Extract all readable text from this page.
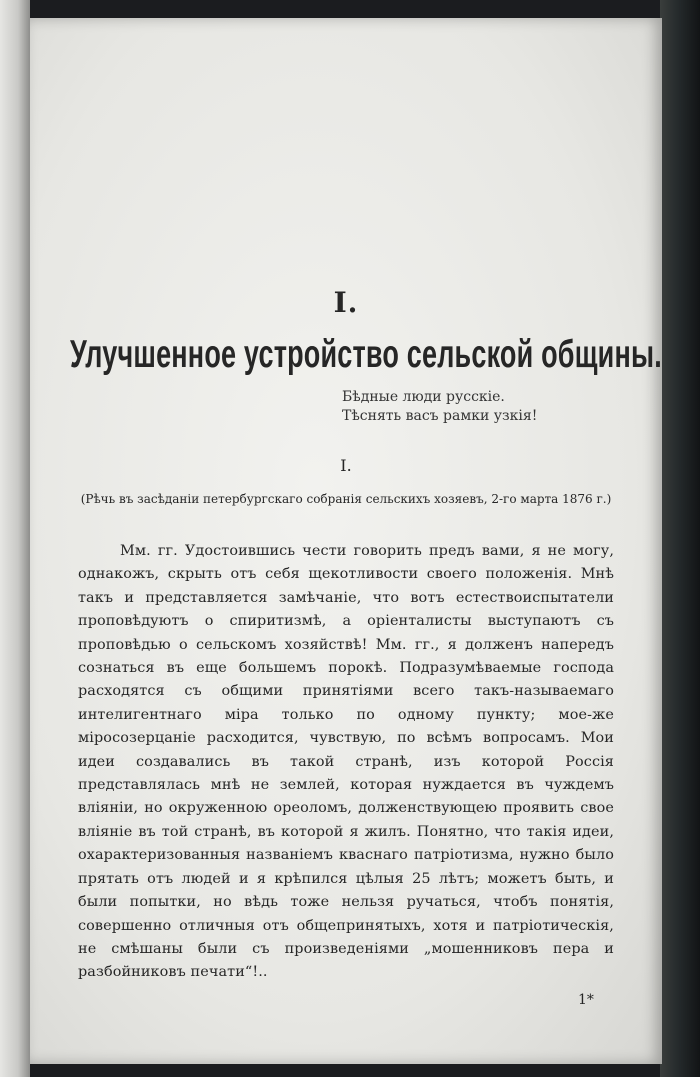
I.
Улучшенное устройство сельской общины.
Бѣдные люди русскіе.
Тѣснять васъ рамки узкія!
I.
(Рѣчь въ засѣданіи петербургскаго собранія сельскихъ хозяевъ, 2-го марта 1876 г.)
Мм. гг. Удостоившись чести говорить предъ вами, я не могу, однакожъ, скрыть отъ себя щекотливости своего положенія. Мнѣ такъ и представляется замѣчаніе, что вотъ естествоиспытатели проповѣдуютъ о спиритизмѣ, а оріенталисты выступаютъ съ проповѣдью о сельскомъ хозяйствѣ! Мм. гг., я долженъ напередъ сознаться въ еще большемъ порокѣ. Подразумѣваемые господа расходятся съ общими принятіями всего такъ-называемаго интелигентнаго міра только по одному пункту; мое-же міросозерцаніе расходится, чувствую, по всѣмъ вопросамъ. Мои идеи создавались въ такой странѣ, изъ которой Россія представлялась мнѣ не землей, которая нуждается въ чуждемъ вліяніи, но окруженною ореоломъ, долженствующею проявить свое вліяніе въ той странѣ, въ которой я жилъ. Понятно, что такія идеи, охарактеризованныя названіемъ кваснаго патріотизма, нужно было прятать отъ людей и я крѣпился цѣлыя 25 лѣтъ; можетъ быть, и были попытки, но вѣдь тоже нельзя ручаться, чтобъ понятія, совершенно отличныя отъ общепринятыхъ, хотя и патріотическія, не смѣшаны были съ произведеніями „мошенниковъ пера и разбойниковъ печати“!..
1*
